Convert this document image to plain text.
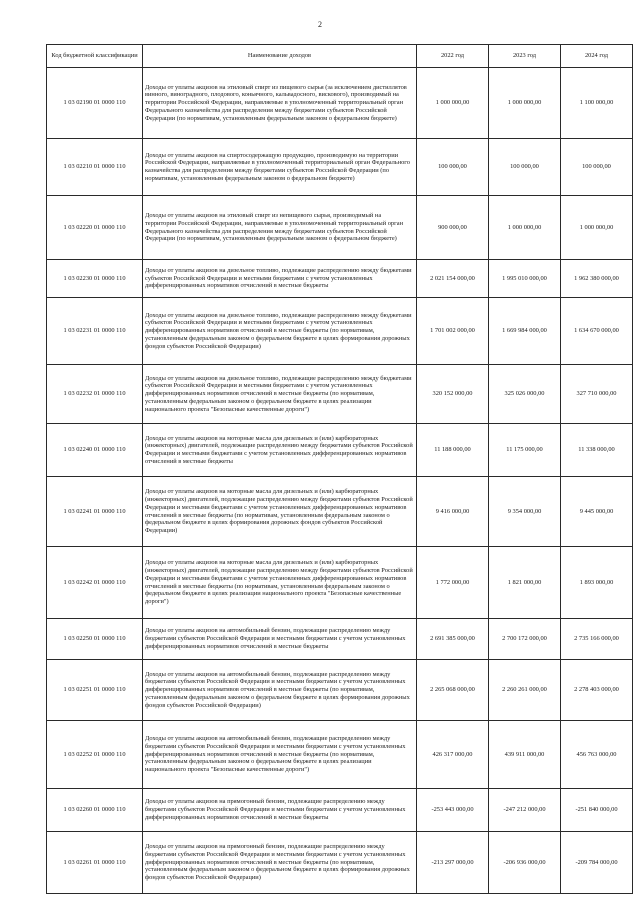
2
Код бюджетной классификации	Наименование доходов	2022 год	2023 год	2024 год
1 03 02190 01 0000 110	Доходы от уплаты акцизов на этиловый спирт из пищевого сырья (за исключением дистиллятов винного, виноградного, плодового, коньячного, кальвадосного, вискового), производимый на территории Российской Федерации, направляемые в уполномоченный территориальный орган Федерального казначейства для распределения между бюджетами субъектов Российской Федерации (по нормативам, установленным федеральным законом о федеральном бюджете)	1 000 000,00	1 000 000,00	1 100 000,00
1 03 02210 01 0000 110	Доходы от уплаты акцизов на спиртосодержащую продукцию, производимую на территории Российской Федерации, направляемые в уполномоченный территориальный орган Федерального казначейства для распределения между бюджетами субъектов Российской Федерации (по нормативам, установленным федеральным законом о федеральном бюджете)	100 000,00	100 000,00	100 000,00
1 03 02220 01 0000 110	Доходы от уплаты акцизов на этиловый спирт из непищевого сырья, производимый на территории Российской Федерации, направляемые в уполномоченный территориальный орган Федерального казначейства для распределения между бюджетами субъектов Российской Федерации (по нормативам, установленным федеральным законом о федеральном бюджете)	900 000,00	1 000 000,00	1 000 000,00
1 03 02230 01 0000 110	Доходы от уплаты акцизов на дизельное топливо, подлежащие распределению между бюджетами субъектов Российской Федерации и местными бюджетами с учетом установленных дифференцированных нормативов отчислений в местные бюджеты	2 021 154 000,00	1 995 010 000,00	1 962 380 000,00
1 03 02231 01 0000 110	Доходы от уплаты акцизов на дизельное топливо, подлежащие распределению между бюджетами субъектов Российской Федерации и местными бюджетами с учетом установленных дифференцированных нормативов отчислений в местные бюджеты (по нормативам, установленным федеральным законом о федеральном бюджете в целях формирования дорожных фондов субъектов Российской Федерации)	1 701 002 000,00	1 669 984 000,00	1 634 670 000,00
1 03 02232 01 0000 110	Доходы от уплаты акцизов на дизельное топливо, подлежащие распределению между бюджетами субъектов Российской Федерации и местными бюджетами с учетом установленных дифференцированных нормативов отчислений в местные бюджеты (по нормативам, установленным федеральным законом о федеральном бюджете в целях реализации национального проекта "Безопасные качественные дороги")	320 152 000,00	325 026 000,00	327 710 000,00
1 03 02240 01 0000 110	Доходы от уплаты акцизов на моторные масла для дизельных и (или) карбюраторных (инжекторных) двигателей, подлежащие распределению между бюджетами субъектов Российской Федерации и местными бюджетами с учетом установленных дифференцированных нормативов отчислений в местные бюджеты	11 188 000,00	11 175 000,00	11 338 000,00
1 03 02241 01 0000 110	Доходы от уплаты акцизов на моторные масла для дизельных и (или) карбюраторных (инжекторных) двигателей, подлежащие распределению между бюджетами субъектов Российской Федерации и местными бюджетами с учетом установленных дифференцированных нормативов отчислений в местные бюджеты (по нормативам, установленным федеральным законом о федеральном бюджете в целях формирования дорожных фондов субъектов Российской Федерации)	9 416 000,00	9 354 000,00	9 445 000,00
1 03 02242 01 0000 110	Доходы от уплаты акцизов на моторные масла для дизельных и (или) карбюраторных (инжекторных) двигателей, подлежащие распределению между бюджетами субъектов Российской Федерации и местными бюджетами с учетом установленных дифференцированных нормативов отчислений в местные бюджеты (по нормативам, установленным федеральным законом о федеральном бюджете в целях реализации национального проекта "Безопасные качественные дороги")	1 772 000,00	1 821 000,00	1 893 000,00
1 03 02250 01 0000 110	Доходы от уплаты акцизов на автомобильный бензин, подлежащие распределению между бюджетами субъектов Российской Федерации и местными бюджетами с учетом установленных дифференцированных нормативов отчислений в местные бюджеты	2 691 385 000,00	2 700 172 000,00	2 735 166 000,00
1 03 02251 01 0000 110	Доходы от уплаты акцизов на автомобильный бензин, подлежащие распределению между бюджетами субъектов Российской Федерации и местными бюджетами с учетом установленных дифференцированных нормативов отчислений в местные бюджеты (по нормативам, установленным федеральным законом о федеральном бюджете в целях формирования дорожных фондов субъектов Российской Федерации)	2 265 068 000,00	2 260 261 000,00	2 278 403 000,00
1 03 02252 01 0000 110	Доходы от уплаты акцизов на автомобильный бензин, подлежащие распределению между бюджетами субъектов Российской Федерации и местными бюджетами с учетом установленных дифференцированных нормативов отчислений в местные бюджеты (по нормативам, установленным федеральным законом о федеральном бюджете в целях реализации национального проекта "Безопасные качественные дороги")	426 317 000,00	439 911 000,00	456 763 000,00
1 03 02260 01 0000 110	Доходы от уплаты акцизов на прямогонный бензин, подлежащие распределению между бюджетами субъектов Российской Федерации и местными бюджетами с учетом установленных дифференцированных нормативов отчислений в местные бюджеты	-253 443 000,00	-247 212 000,00	-251 840 000,00
1 03 02261 01 0000 110	Доходы от уплаты акцизов на прямогонный бензин, подлежащие распределению между бюджетами субъектов Российской Федерации и местными бюджетами с учетом установленных дифференцированных нормативов отчислений в местные бюджеты (по нормативам, установленным федеральным законом о федеральном бюджете в целях формирования дорожных фондов субъектов Российской Федерации)	-213 297 000,00	-206 936 000,00	-209 784 000,00
